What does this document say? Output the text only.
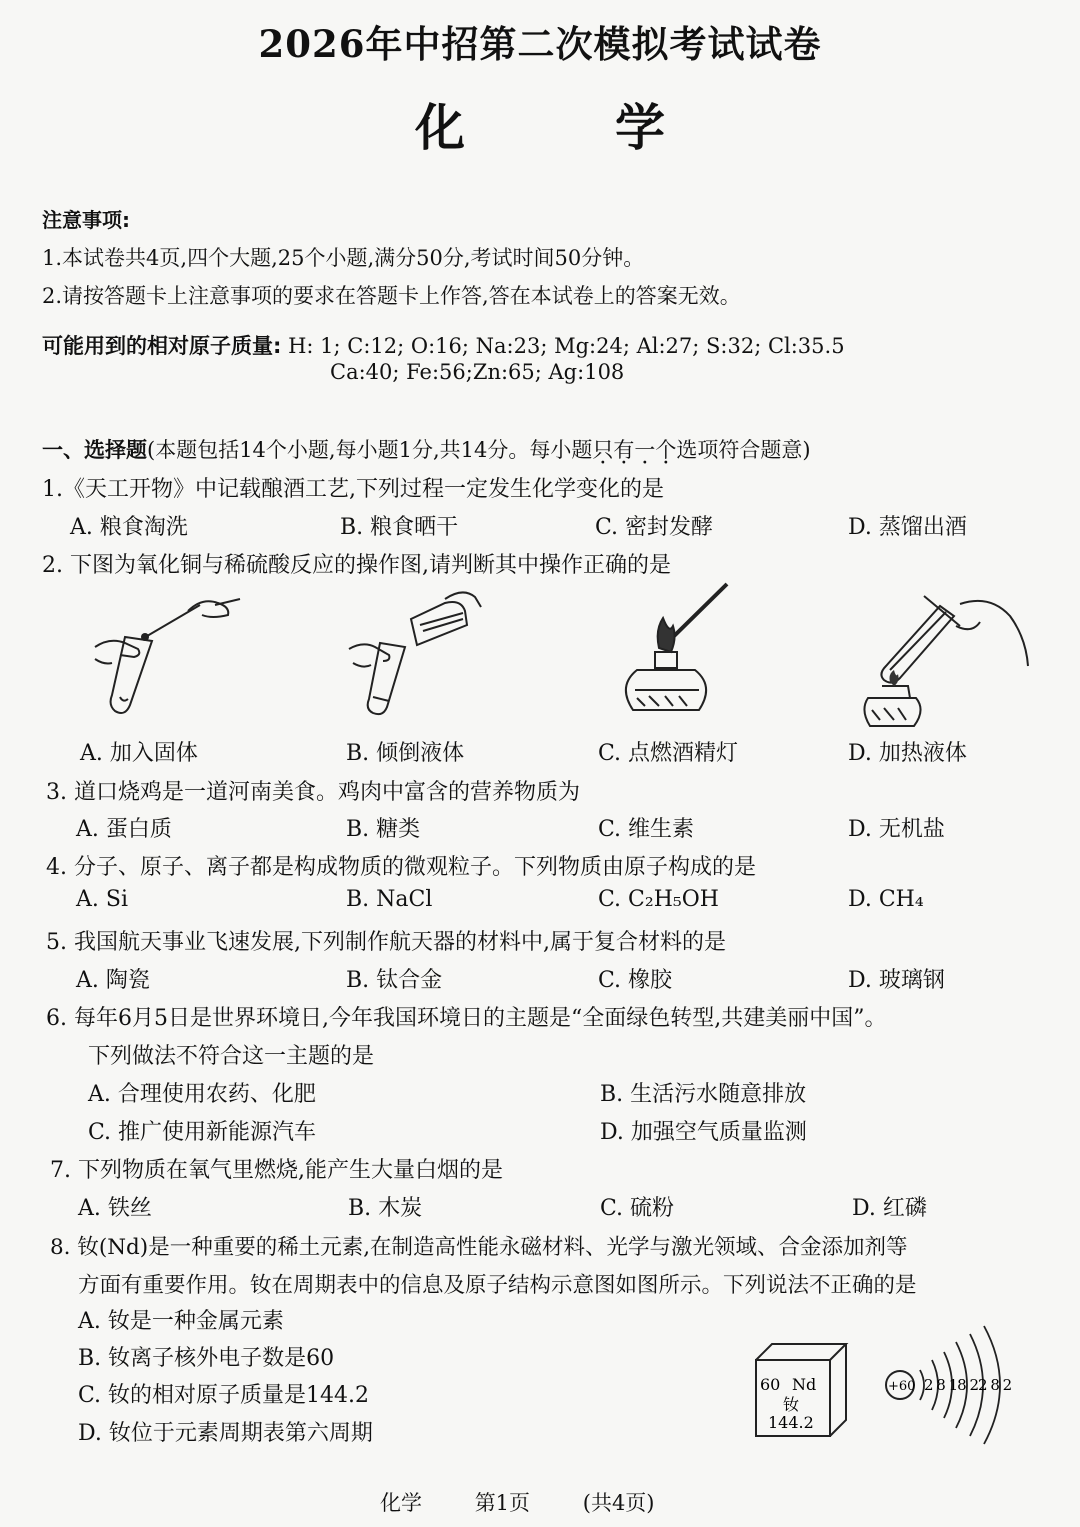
2026年中招第二次模拟考试试卷
化学
注意事项:
1.本试卷共4页,四个大题,25个小题,满分50分,考试时间50分钟。
2.请按答题卡上注意事项的要求在答题卡上作答,答在本试卷上的答案无效。
可能用到的相对原子质量: H: 1; C:12; O:16; Na:23; Mg:24; Al:27; S:32; Cl:35.5
Ca:40; Fe:56;Zn:65; Ag:108
一、选择题(本题包括14个小题,每小题1分,共14分。每小题只有一个选项符合题意)
1.《天工开物》中记载酿酒工艺,下列过程一定发生化学变化的是
A. 粮食淘洗	B. 粮食晒干	C. 密封发酵	D. 蒸馏出酒
2. 下图为氧化铜与稀硫酸反应的操作图,请判断其中操作正确的是
A. 加入固体	B. 倾倒液体	C. 点燃酒精灯	D. 加热液体
3. 道口烧鸡是一道河南美食。鸡肉中富含的营养物质为
A. 蛋白质	B. 糖类	C. 维生素	D. 无机盐
4. 分子、原子、离子都是构成物质的微观粒子。下列物质由原子构成的是
A. Si	B. NaCl	C. C₂H₅OH	D. CH₄
5. 我国航天事业飞速发展,下列制作航天器的材料中,属于复合材料的是
A. 陶瓷	B. 钛合金	C. 橡胶	D. 玻璃钢
6. 每年6月5日是世界环境日,今年我国环境日的主题是“全面绿色转型,共建美丽中国”。
下列做法不符合这一主题的是
A. 合理使用农药、化肥	B. 生活污水随意排放
C. 推广使用新能源汽车	D. 加强空气质量监测
7. 下列物质在氧气里燃烧,能产生大量白烟的是
A. 铁丝	B. 木炭	C. 硫粉	D. 红磷
8. 钕(Nd)是一种重要的稀土元素,在制造高性能永磁材料、光学与激光领域、合金添加剂等
方面有重要作用。钕在周期表中的信息及原子结构示意图如图所示。下列说法不正确的是
A. 钕是一种金属元素
B. 钕离子核外电子数是60
C. 钕的相对原子质量是144.2
D. 钕位于元素周期表第六周期
60 Nd
钕
144.2
+60 2 8 18 22 8 2
化学	第1页	(共4页)
